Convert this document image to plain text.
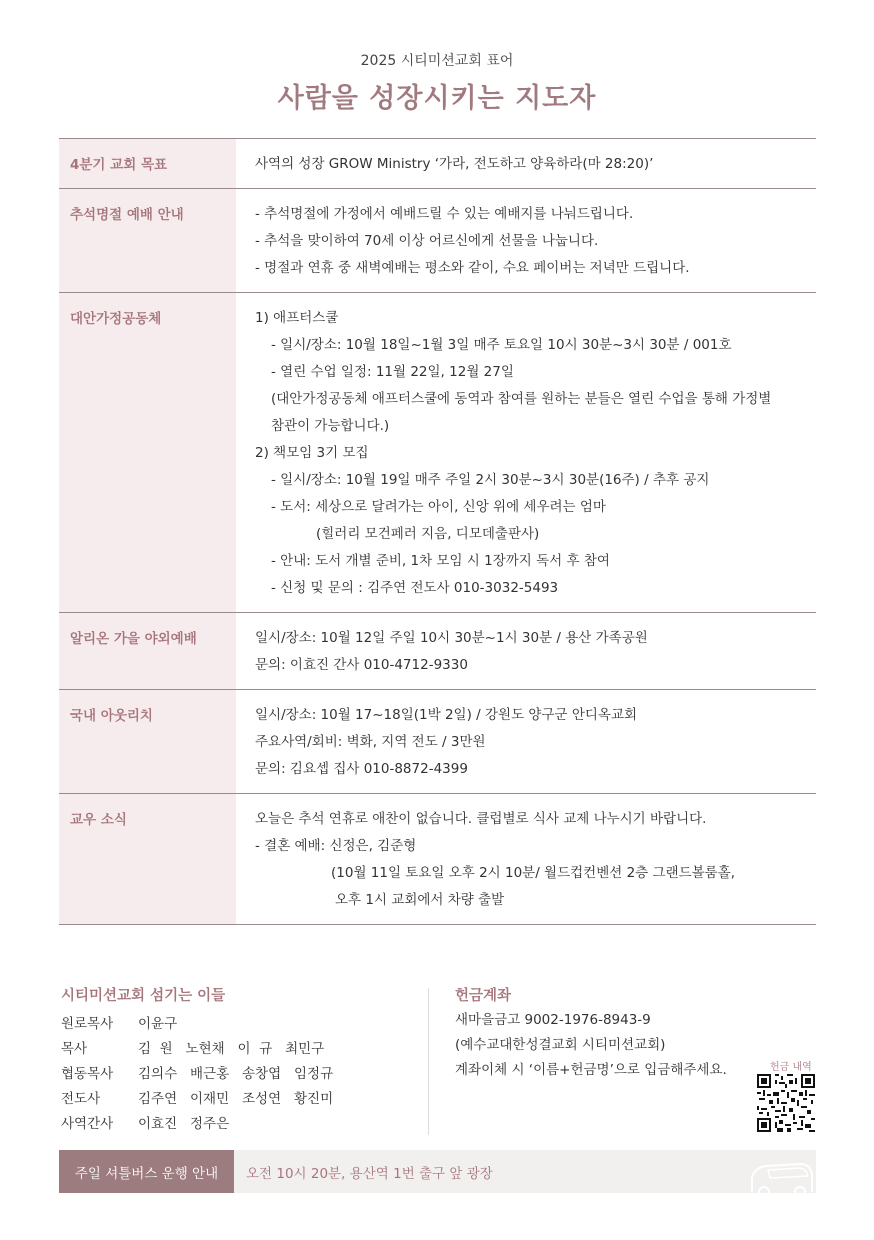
2025 시티미션교회 표어
사람을 성장시키는 지도자
4분기 교회 목표	사역의 성장 GROW Ministry ‘가라, 전도하고 양육하라(마 28:20)’
추석명절 예배 안내	- 추석명절에 가정에서 예배드릴 수 있는 예배지를 나눠드립니다.
- 추석을 맞이하여 70세 이상 어르신에게 선물을 나눕니다.
- 명절과 연휴 중 새벽예배는 평소와 같이, 수요 페이버는 저녁만 드립니다.
대안가정공동체	1) 애프터스쿨
- 일시/장소: 10월 18일~1월 3일 매주 토요일 10시 30분~3시 30분 / 001호
- 열린 수업 일정: 11월 22일, 12월 27일
(대안가정공동체 애프터스쿨에 동역과 참여를 원하는 분들은 열린 수업을 통해 가정별
참관이 가능합니다.)
2) 책모임 3기 모집
- 일시/장소: 10월 19일 매주 주일 2시 30분~3시 30분(16주) / 추후 공지
- 도서: 세상으로 달려가는 아이, 신앙 위에 세우려는 엄마
(힐러리 모건페러 지음, 디모데출판사)
- 안내: 도서 개별 준비, 1차 모임 시 1장까지 독서 후 참여
- 신청 및 문의 : 김주연 전도사 010-3032-5493
알리온 가을 야외예배	일시/장소: 10월 12일 주일 10시 30분~1시 30분 / 용산 가족공원
문의: 이효진 간사 010-4712-9330
국내 아웃리치	일시/장소: 10월 17~18일(1박 2일) / 강원도 양구군 안디옥교회
주요사역/회비: 벽화, 지역 전도 / 3만원
문의: 김요셉 집사 010-8872-4399
교우 소식	오늘은 추석 연휴로 애찬이 없습니다. 클럽별로 식사 교제 나누시기 바랍니다.
- 결혼 예배: 신정은, 김준형
(10월 11일 토요일 오후 2시 10분/ 월드컵컨벤션 2층 그랜드볼룸홀,
오후 1시 교회에서 차량 출발
시티미션교회 섬기는 이들
원로목사	이윤구
목사	김  원   노현채   이  규   최민구
협동목사	김의수   배근홍   송창엽   임정규
전도사	김주연   이재민   조성연   황진미
사역간사	이효진   정주은
헌금계좌
새마을금고 9002-1976-8943-9
(예수교대한성결교회 시티미션교회)
계좌이체 시 ‘이름+헌금명’으로 입금해주세요.	헌금 내역
주일 셔틀버스 운행 안내	오전 10시 20분, 용산역 1번 출구 앞 광장
